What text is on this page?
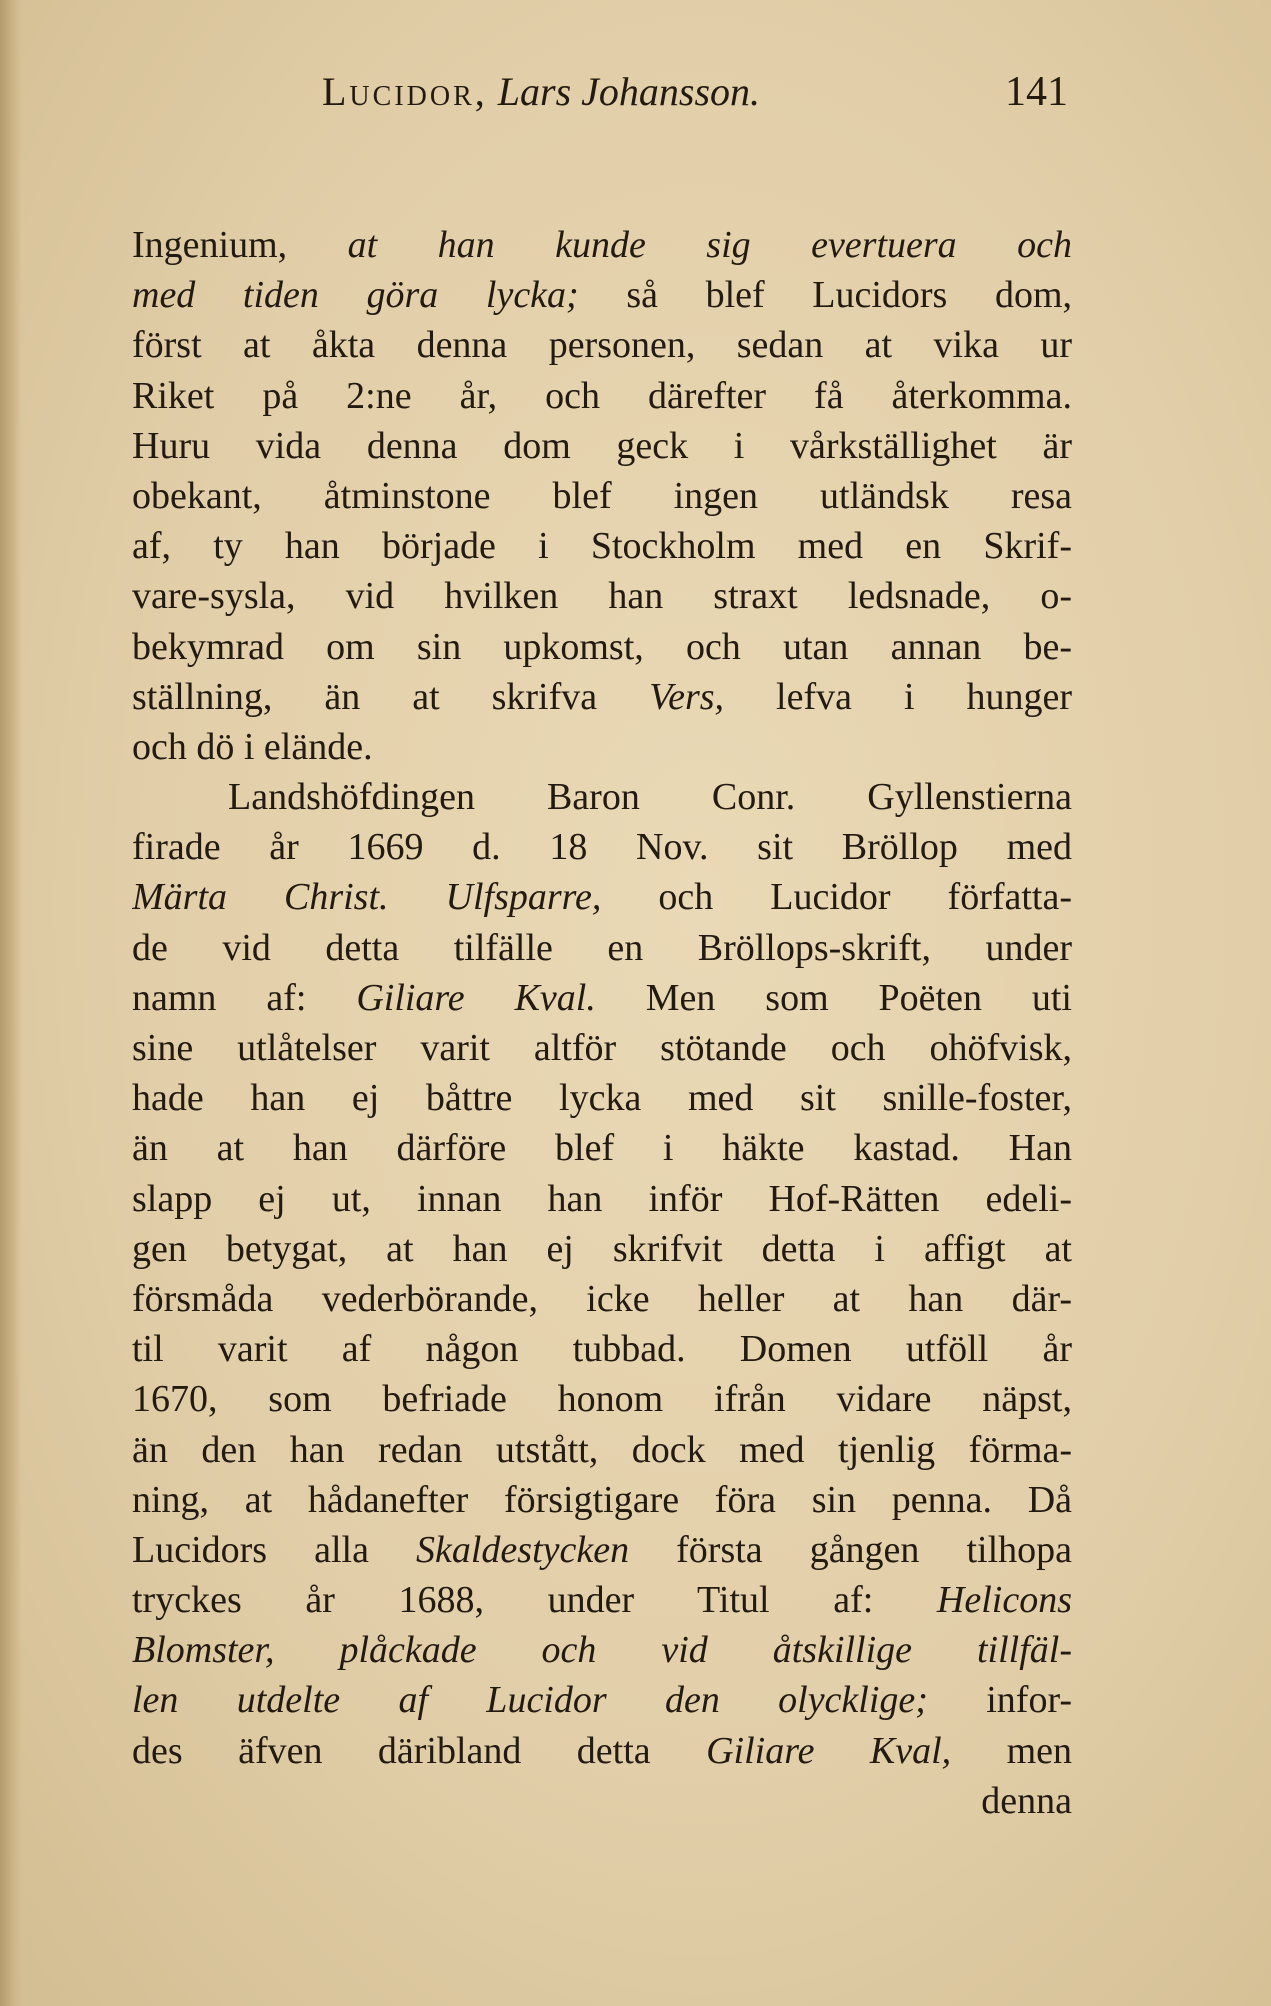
Lucidor, Lars Johansson.	141
Ingenium, at han kunde sig evertuera och
med tiden göra lycka; så blef Lucidors dom,
först at åkta denna personen, sedan at vika ur
Riket på 2:ne år, och därefter få återkomma.
Huru vida denna dom geck i vårkställighet är
obekant, åtminstone blef ingen utländsk resa
af, ty han började i Stockholm med en Skrif-
vare-sysla, vid hvilken han straxt ledsnade, o-
bekymrad om sin upkomst, och utan annan be-
ställning, än at skrifva Vers, lefva i hunger
och dö i elände.
Landshöfdingen Baron Conr. Gyllenstierna
firade år 1669 d. 18 Nov. sit Bröllop med
Märta Christ. Ulfsparre, och Lucidor författa-
de vid detta tilfälle en Bröllops-skrift, under
namn af: Giliare Kval. Men som Poëten uti
sine utlåtelser varit altför stötande och ohöfvisk,
hade han ej båttre lycka med sit snille-foster,
än at han därföre blef i häkte kastad. Han
slapp ej ut, innan han inför Hof-Rätten edeli-
gen betygat, at han ej skrifvit detta i affigt at
försmåda vederbörande, icke heller at han där-
til varit af någon tubbad. Domen utföll år
1670, som befriade honom ifrån vidare näpst,
än den han redan utstått, dock med tjenlig förma-
ning, at hådanefter försigtigare föra sin penna. Då
Lucidors alla Skaldestycken första gången tilhopa
tryckes år 1688, under Titul af: Helicons
Blomster, plåckade och vid åtskillige tillfäl-
len utdelte af Lucidor den olycklige; infor-
des äfven däribland detta Giliare Kval, men
denna
